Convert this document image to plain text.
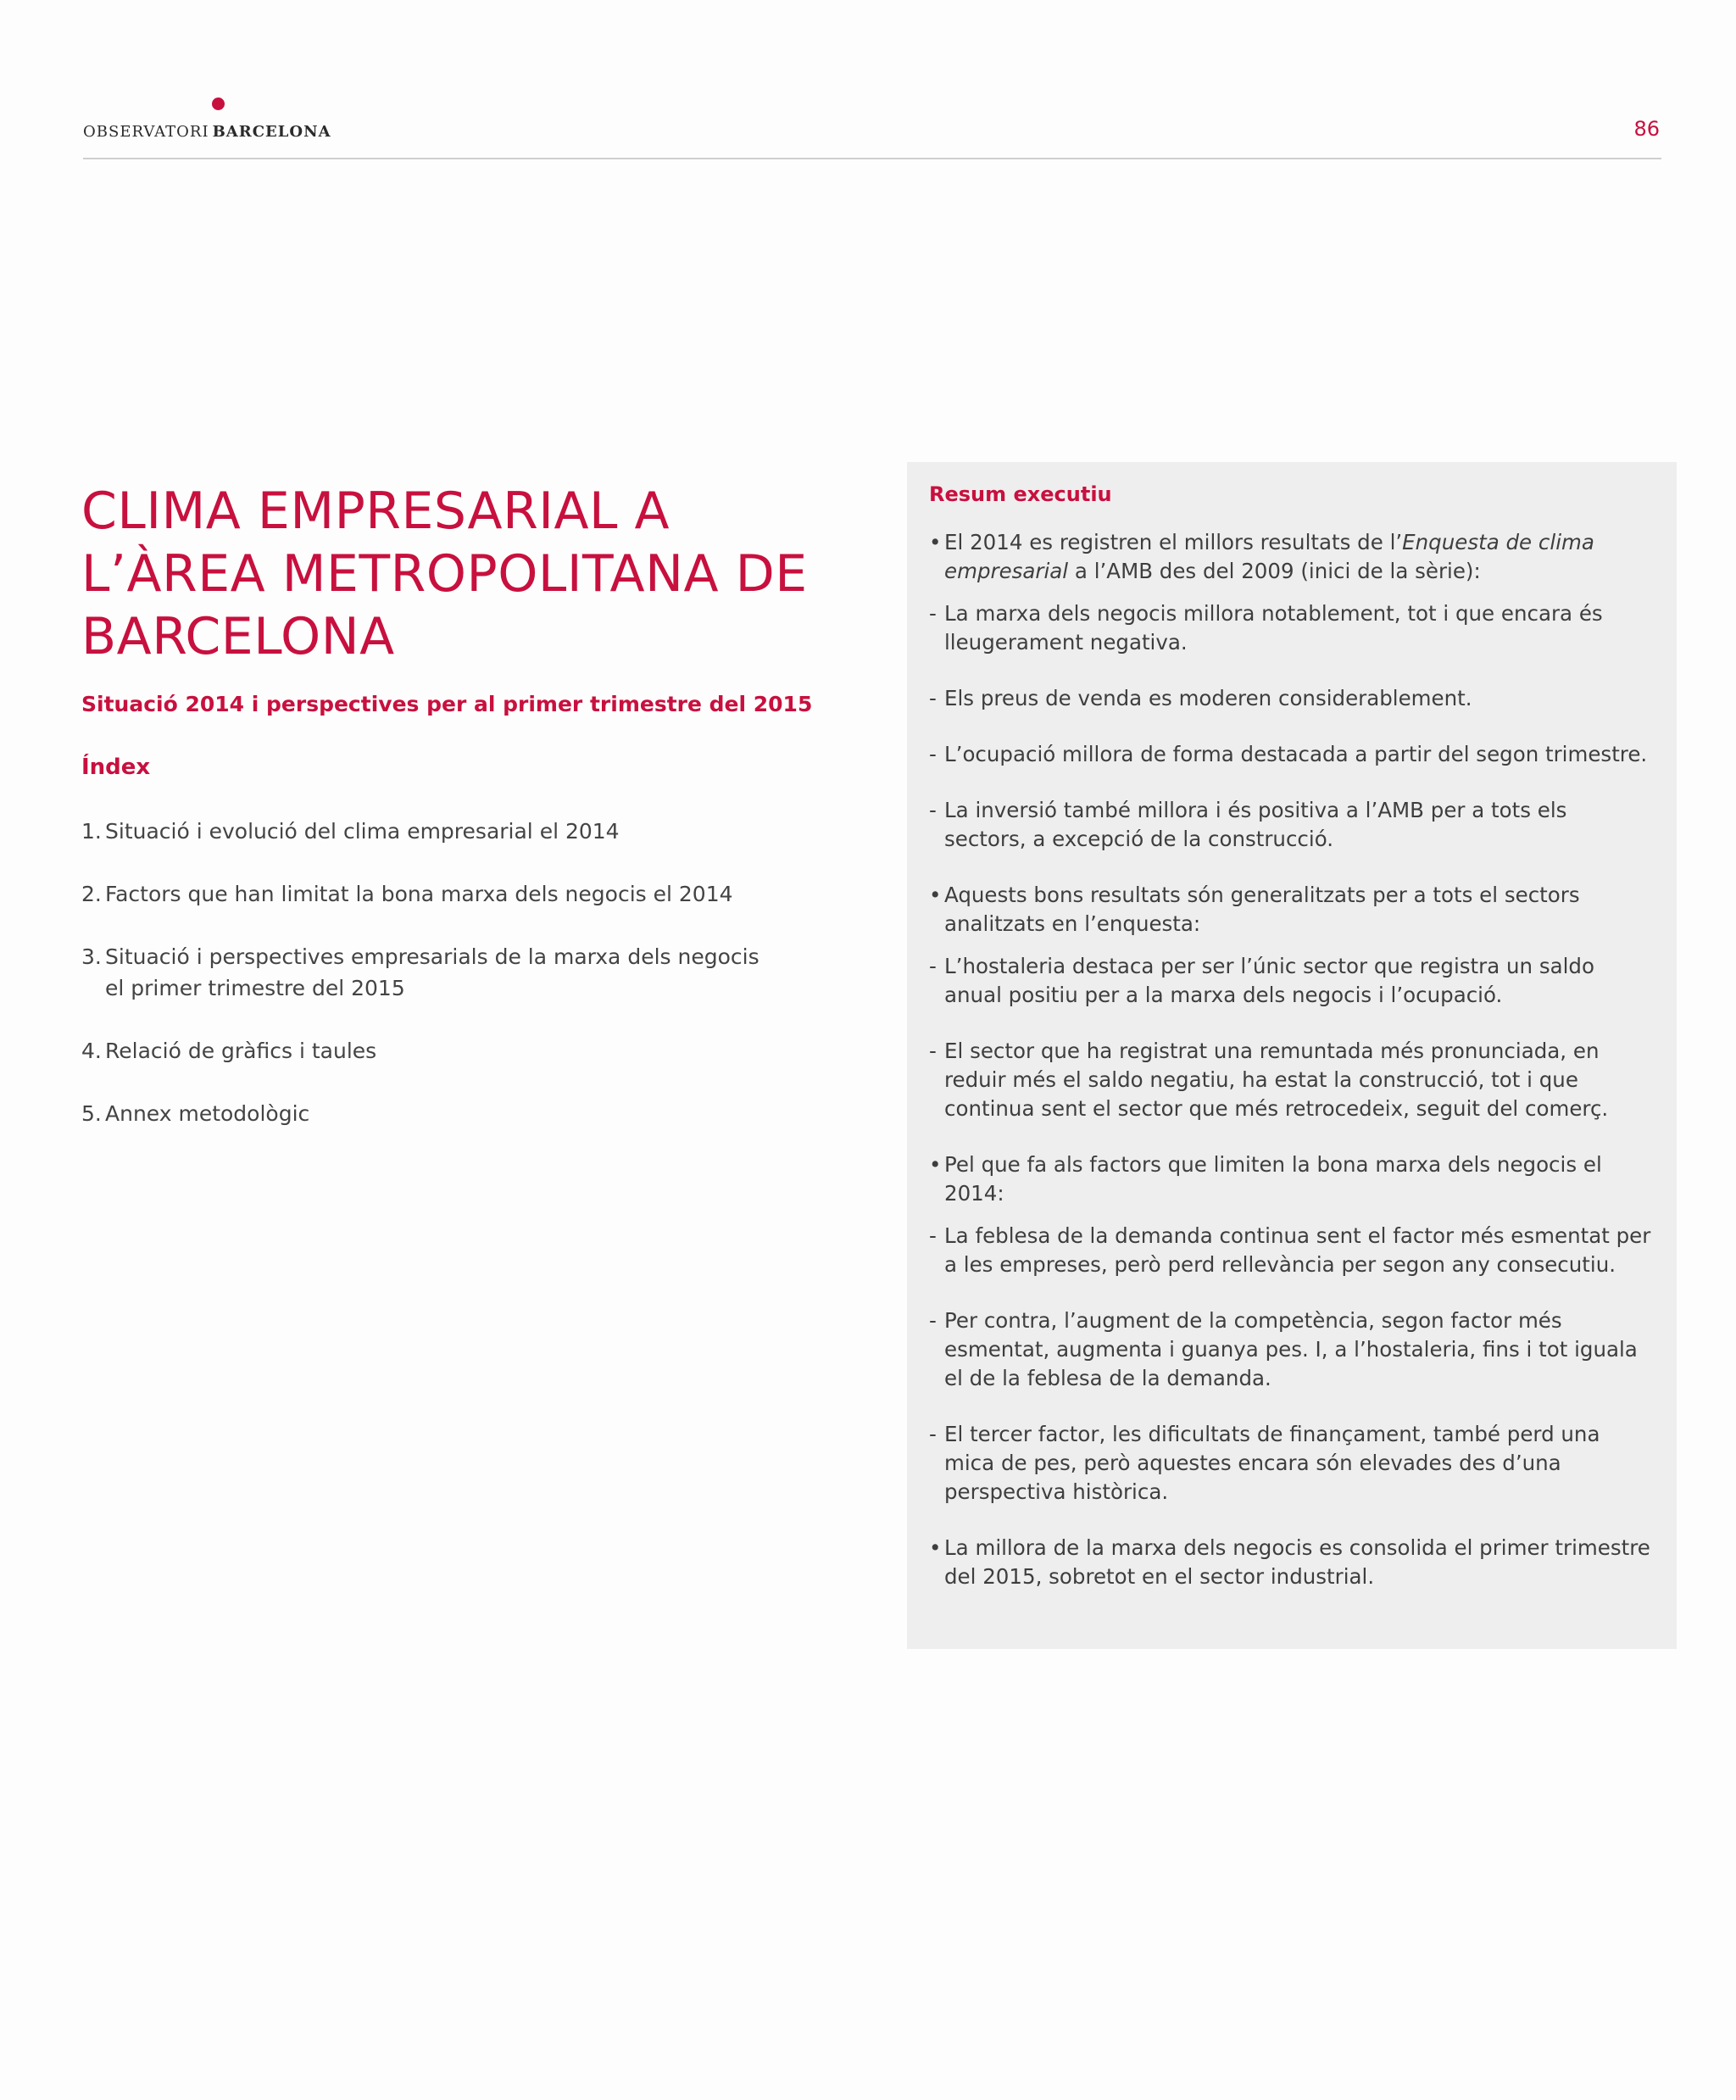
observatori barcelona	86
CLIMA EMPRESARIAL A
L’ÀREA METROPOLITANA DE
BARCELONA
Situació 2014 i perspectives per al primer trimestre del 2015
Índex
1. Situació i evolució del clima empresarial el 2014
2. Factors que han limitat la bona marxa dels negocis el 2014
3. Situació i perspectives empresarials de la marxa dels negocis el primer trimestre del 2015
4. Relació de gràfics i taules
5. Annex metodològic
Resum executiu
• El 2014 es registren el millors resultats de l’Enquesta de clima empresarial a l’AMB des del 2009 (inici de la sèrie):
- La marxa dels negocis millora notablement, tot i que encara és lleugerament negativa.
- Els preus de venda es moderen considerablement.
- L’ocupació millora de forma destacada a partir del segon trimestre.
- La inversió també millora i és positiva a l’AMB per a tots els sectors, a excepció de la construcció.
• Aquests bons resultats són generalitzats per a tots el sectors analitzats en l’enquesta:
- L’hostaleria destaca per ser l’únic sector que registra un saldo anual positiu per a la marxa dels negocis i l’ocupació.
- El sector que ha registrat una remuntada més pronunciada, en reduir més el saldo negatiu, ha estat la construcció, tot i que continua sent el sector que més retrocedeix, seguit del comerç.
• Pel que fa als factors que limiten la bona marxa dels negocis el 2014:
- La feblesa de la demanda continua sent el factor més esmentat per a les empreses, però perd rellevància per segon any consecutiu.
- Per contra, l’augment de la competència, segon factor més esmentat, augmenta i guanya pes. I, a l’hostaleria, fins i tot iguala el de la feblesa de la demanda.
- El tercer factor, les dificultats de finançament, també perd una mica de pes, però aquestes encara són elevades des d’una perspectiva històrica.
• La millora de la marxa dels negocis es consolida el primer trimestre del 2015, sobretot en el sector industrial.
